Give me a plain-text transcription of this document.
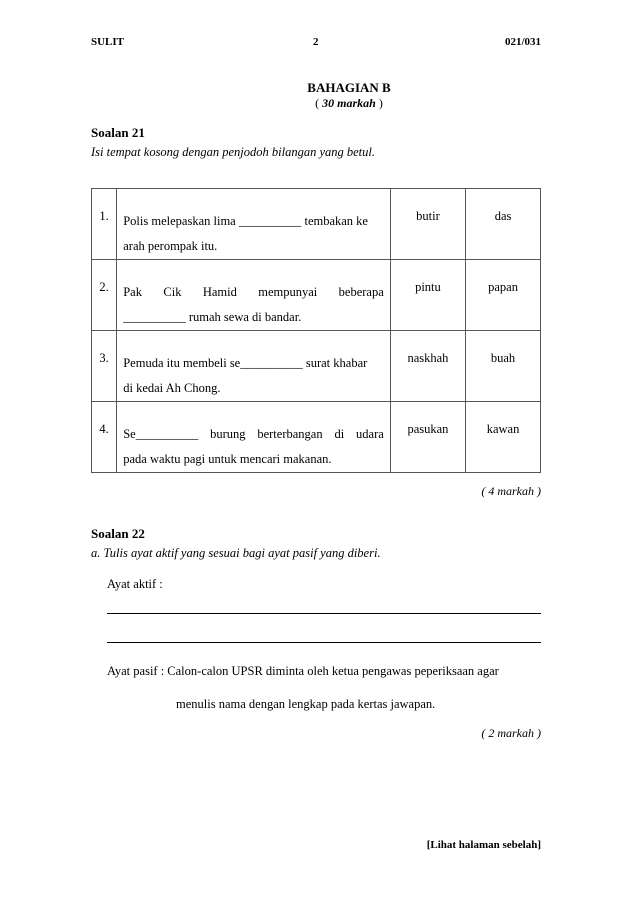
SULIT	2	021/031
BAHAGIAN B
( 30 markah )
Soalan 21
Isi tempat kosong dengan penjodoh bilangan yang betul.
1.	Polis melepaskan lima __________ tembakan ke
arah perompak itu.	butir	das
2.	Pak Cik Hamid mempunyai beberapa
__________ rumah sewa di bandar.	pintu	papan
3.	Pemuda itu membeli se__________ surat khabar
di kedai Ah Chong.	naskhah	buah
4.	Se__________ burung berterbangan di udara
pada waktu pagi untuk mencari makanan.	pasukan	kawan
( 4 markah )
Soalan 22
a. Tulis ayat aktif yang sesuai bagi ayat pasif yang diberi.
Ayat aktif :
Ayat pasif : Calon-calon UPSR diminta oleh ketua pengawas peperiksaan agar
menulis nama dengan lengkap pada kertas jawapan.
( 2 markah )
[Lihat halaman sebelah]
